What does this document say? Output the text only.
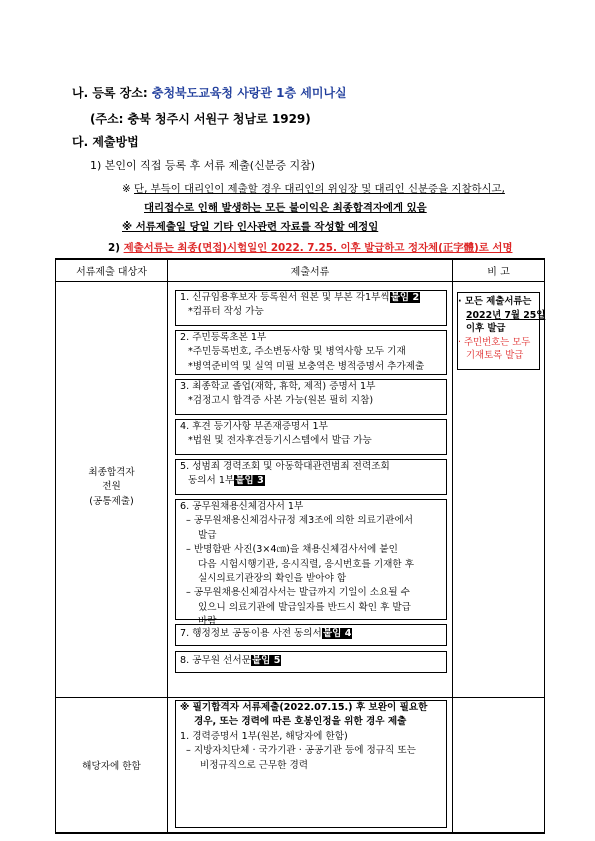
나. 등록 장소: 충청북도교육청 사랑관 1층 세미나실
(주소: 충북 청주시 서원구 청남로 1929)
다. 제출방법
1) 본인이 직접 등록 후 서류 제출(신분증 지참)
※ 단, 부득이 대리인이 제출할 경우 대리인의 위임장 및 대리인 신분증을 지참하시고,
대리접수로 인해 발생하는 모든 불이익은 최종합격자에게 있음
※ 서류제출일 당일 기타 인사관련 자료를 작성할 예정임
2) 제출서류는 최종(면접)시험일인 2022. 7.25. 이후 발급하고 정자체(正字體)로 서명
서류제출 대상자	제출서류	비 고
최종합격자
전원
(공통제출)
1. 신규임용후보자 등록원서 원본 및 부본 각1부씩붙임 2
*컴퓨터 작성 가능
2. 주민등록초본 1부
*주민등록번호, 주소변동사항 및 병역사항 모두 기재
*병역준비역 및 실역 미필 보충역은 병적증명서 추가제출
3. 최종학교 졸업(재학, 휴학, 제적) 증명서 1부
*검정고시 합격증 사본 가능(원본 필히 지참)
4. 후견 등기사항 부존재증명서 1부
*법원 및 전자후견등기시스템에서 발급 가능
5. 성범죄 경력조회 및 아동학대관련범죄 전력조회
동의서 1부붙임 3
6. 공무원채용신체검사서 1부
– 공무원채용신체검사규정 제3조에 의한 의료기관에서
발급
– 반명함판 사진(3×4㎝)을 채용신체검사서에 붙인
다음 시험시행기관, 응시직렬, 응시번호를 기재한 후
실시의료기관장의 확인을 받아야 함
– 공무원채용신체검사서는 발급까지 기일이 소요될 수
있으니 의료기관에 발급일자를 반드시 확인 후 발급
바람
7. 행정정보 공동이용 사전 동의서붙임 4
8. 공무원 선서문붙임 5
· 모든 제출서류는
2022년 7월 25일
이후 발급
· 주민번호는 모두
기재토록 발급
해당자에 한함
※ 필기합격자 서류제출(2022.07.15.) 후 보완이 필요한
경우, 또는 경력에 따른 호봉인정을 위한 경우 제출
1. 경력증명서 1부(원본, 해당자에 한함)
– 지방자치단체 · 국가기관 · 공공기관 등에 정규직 또는
비정규직으로 근무한 경력
